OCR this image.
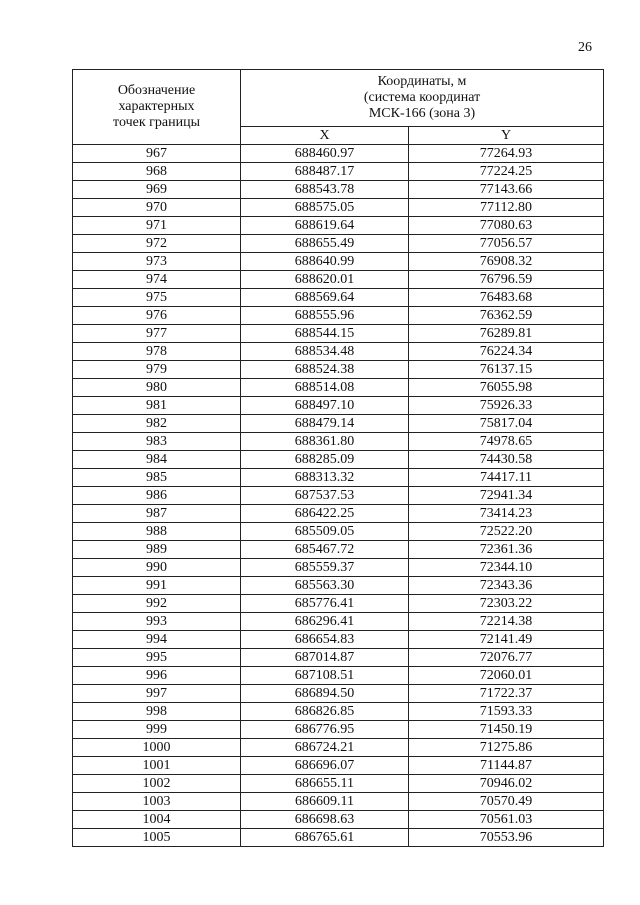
26
Обозначение
характерных
точек границы	Координаты, м
(система координат
МСК-166 (зона 3)	
	X	Y
967	688460.97	77264.93
968	688487.17	77224.25
969	688543.78	77143.66
970	688575.05	77112.80
971	688619.64	77080.63
972	688655.49	77056.57
973	688640.99	76908.32
974	688620.01	76796.59
975	688569.64	76483.68
976	688555.96	76362.59
977	688544.15	76289.81
978	688534.48	76224.34
979	688524.38	76137.15
980	688514.08	76055.98
981	688497.10	75926.33
982	688479.14	75817.04
983	688361.80	74978.65
984	688285.09	74430.58
985	688313.32	74417.11
986	687537.53	72941.34
987	686422.25	73414.23
988	685509.05	72522.20
989	685467.72	72361.36
990	685559.37	72344.10
991	685563.30	72343.36
992	685776.41	72303.22
993	686296.41	72214.38
994	686654.83	72141.49
995	687014.87	72076.77
996	687108.51	72060.01
997	686894.50	71722.37
998	686826.85	71593.33
999	686776.95	71450.19
1000	686724.21	71275.86
1001	686696.07	71144.87
1002	686655.11	70946.02
1003	686609.11	70570.49
1004	686698.63	70561.03
1005	686765.61	70553.96
